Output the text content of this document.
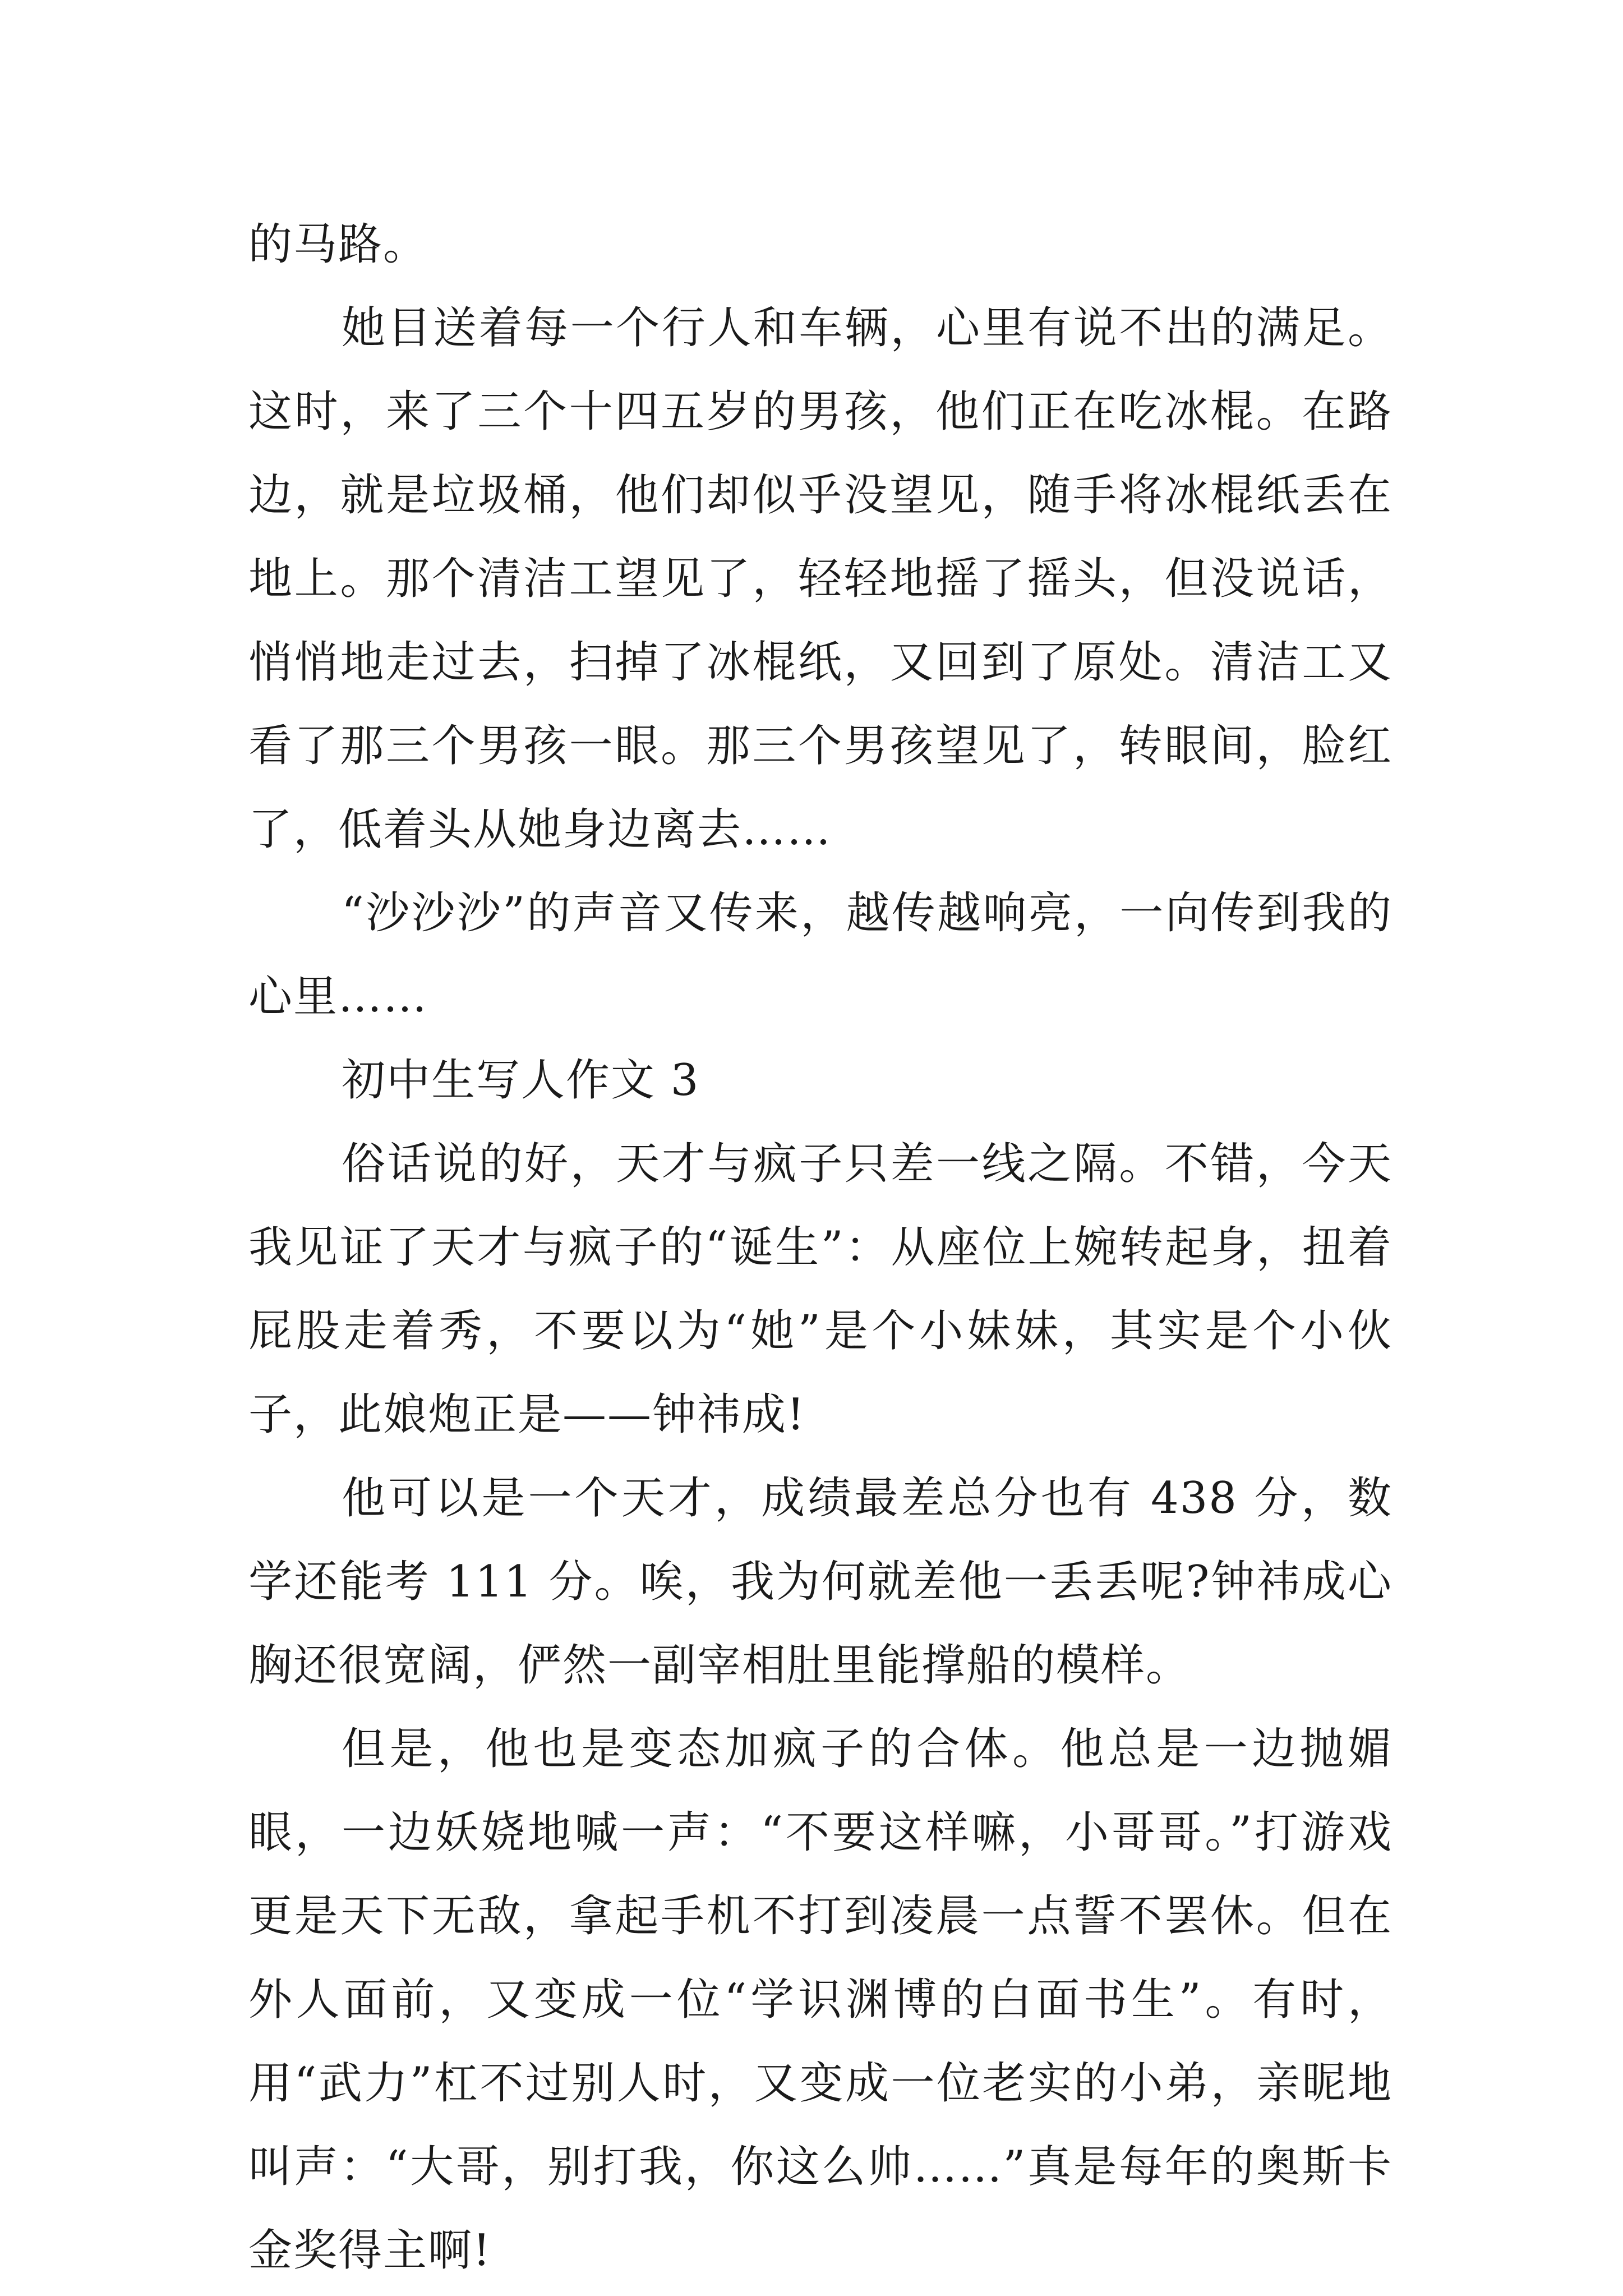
的马路。

她目送着每一个行人和车辆，心里有说不出的满足。这时，来了三个十四五岁的男孩，他们正在吃冰棍。在路边，就是垃圾桶，他们却似乎没望见，随手将冰棍纸丢在地上。那个清洁工望见了，轻轻地摇了摇头，但没说话，悄悄地走过去，扫掉了冰棍纸，又回到了原处。清洁工又看了那三个男孩一眼。那三个男孩望见了，转眼间，脸红了，低着头从她身边离去……

“沙沙沙”的声音又传来，越传越响亮，一向传到我的心里……

初中生写人作文 3

俗话说的好，天才与疯子只差一线之隔。不错，今天我见证了天才与疯子的“诞生”：从座位上婉转起身，扭着屁股走着秀，不要以为“她”是个小妹妹，其实是个小伙子，此娘炮正是——钟祎成!

他可以是一个天才，成绩最差总分也有 438 分，数学还能考 111 分。唉，我为何就差他一丢丢呢?钟祎成心胸还很宽阔，俨然一副宰相肚里能撑船的模样。

但是，他也是变态加疯子的合体。他总是一边抛媚眼，一边妖娆地喊一声：“不要这样嘛，小哥哥。”打游戏更是天下无敌，拿起手机不打到凌晨一点誓不罢休。但在外人面前，又变成一位“学识渊博的白面书生”。有时，用“武力”杠不过别人时，又变成一位老实的小弟，亲昵地叫声：“大哥，别打我，你这么帅……”真是每年的奥斯卡金奖得主啊!
